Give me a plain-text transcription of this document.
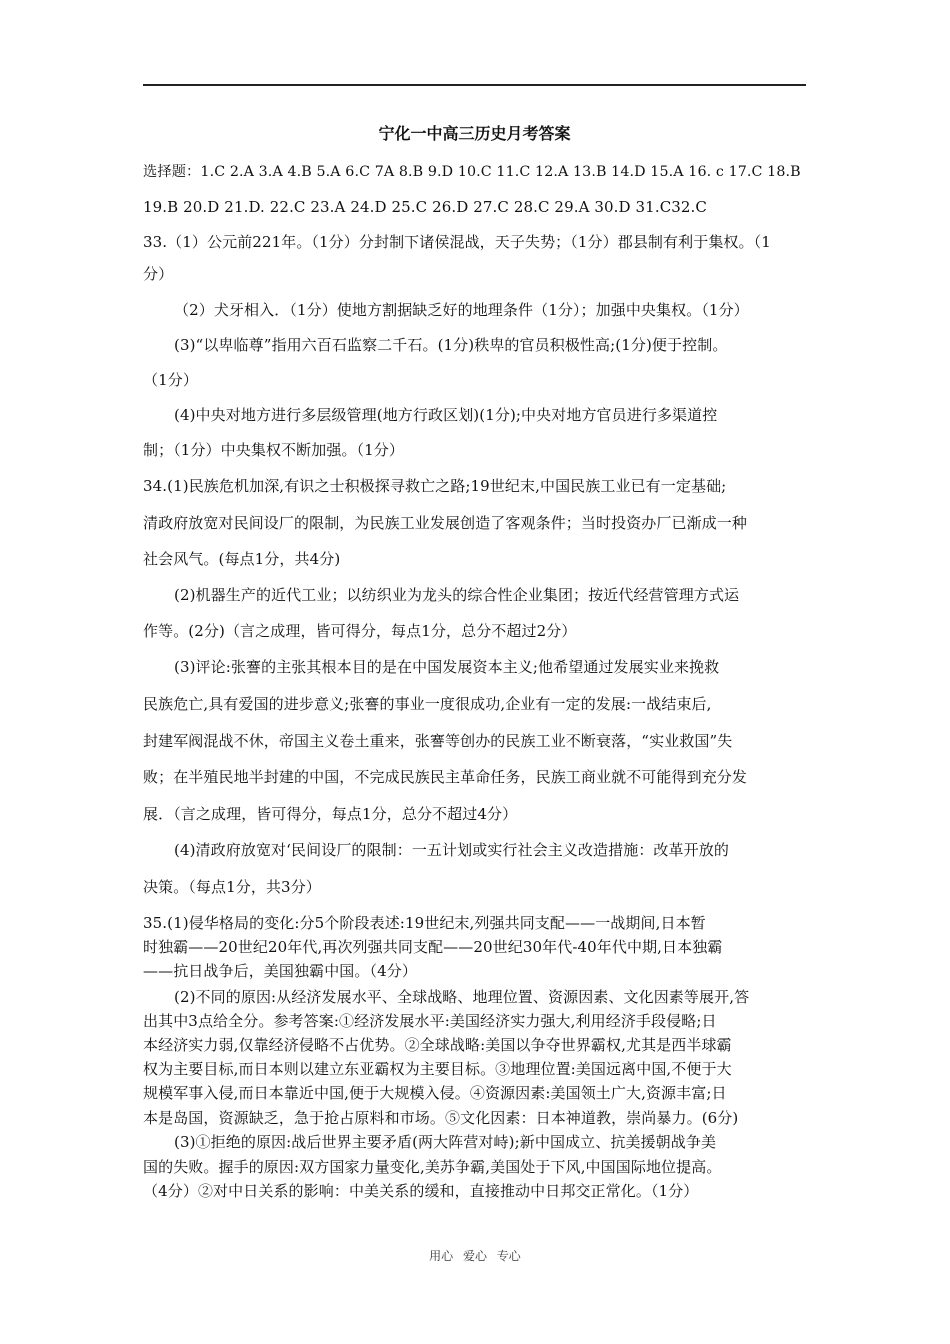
宁化一中高三历史月考答案
选择题：1.C 2.A 3.A 4.B 5.A 6.C 7A 8.B 9.D 10.C 11.C 12.A 13.B 14.D 15.A 16. c 17.C 18.B
19.B 20.D 21.D. 22.C 23.A 24.D 25.C 26.D 27.C 28.C 29.A 30.D 31.C32.C
33.（1）公元前221年。（1分）分封制下诸侯混战，天子失势；（1分）郡县制有利于集权。（1
分）
（2）犬牙相入．（1分）使地方割据缺乏好的地理条件（1分）；加强中央集权。（1分）
(3)“以卑临尊”指用六百石监察二千石。(1分)秩卑的官员积极性高;(1分)便于控制。
（1分）
(4)中央对地方进行多层级管理(地方行政区划)(1分);中央对地方官员进行多渠道控
制；（1分）中央集权不断加强。（1分）
34.(1)民族危机加深,有识之士积极探寻救亡之路;19世纪末,中国民族工业已有一定基础;
清政府放宽对民间设厂的限制，为民族工业发展创造了客观条件；当时投资办厂已渐成一种
社会风气。(每点1分，共4分)
(2)机器生产的近代工业；以纺织业为龙头的综合性企业集团；按近代经营管理方式运
作等。(2分)（言之成理，皆可得分，每点1分，总分不超过2分）
(3)评论:张謇的主张其根本目的是在中国发展资本主义;他希望通过发展实业来挽救
民族危亡,具有爱国的进步意义;张謇的事业一度很成功,企业有一定的发展:一战结束后,
封建军阀混战不休，帝国主义卷土重来，张謇等创办的民族工业不断衰落，“实业救国”失
败；在半殖民地半封建的中国，不完成民族民主革命任务，民族工商业就不可能得到充分发
展．（言之成理，皆可得分，每点1分，总分不超过4分）
(4)清政府放宽对‘民间设厂的限制：一五计划或实行社会主义改造措施：改革开放的
决策。（每点1分，共3分）
35.(1)侵华格局的变化:分5个阶段表述:19世纪末,列强共同支配——一战期间,日本暂
时独霸——20世纪20年代,再次列强共同支配——20世纪30年代-40年代中期,日本独霸
——抗日战争后，美国独霸中国。（4分）
(2)不同的原因:从经济发展水平、全球战略、地理位置、资源因素、文化因素等展开,答
出其中3点给全分。参考答案:①经济发展水平:美国经济实力强大,利用经济手段侵略;日
本经济实力弱,仅靠经济侵略不占优势。②全球战略:美国以争夺世界霸权,尤其是西半球霸
权为主要目标,而日本则以建立东亚霸权为主要目标。③地理位置:美国远离中国,不便于大
规模军事入侵,而日本靠近中国,便于大规模入侵。④资源因素:美国领土广大,资源丰富;日
本是岛国，资源缺乏，急于抢占原料和市场。⑤文化因素：日本神道教，崇尚暴力。(6分)
(3)①拒绝的原因:战后世界主要矛盾(两大阵营对峙);新中国成立、抗美援朝战争美
国的失败。握手的原因:双方国家力量变化,美苏争霸,美国处于下风,中国国际地位提高。
（4分）②对中日关系的影响：中美关系的缓和，直接推动中日邦交正常化。（1分）
用心 爱心 专心
